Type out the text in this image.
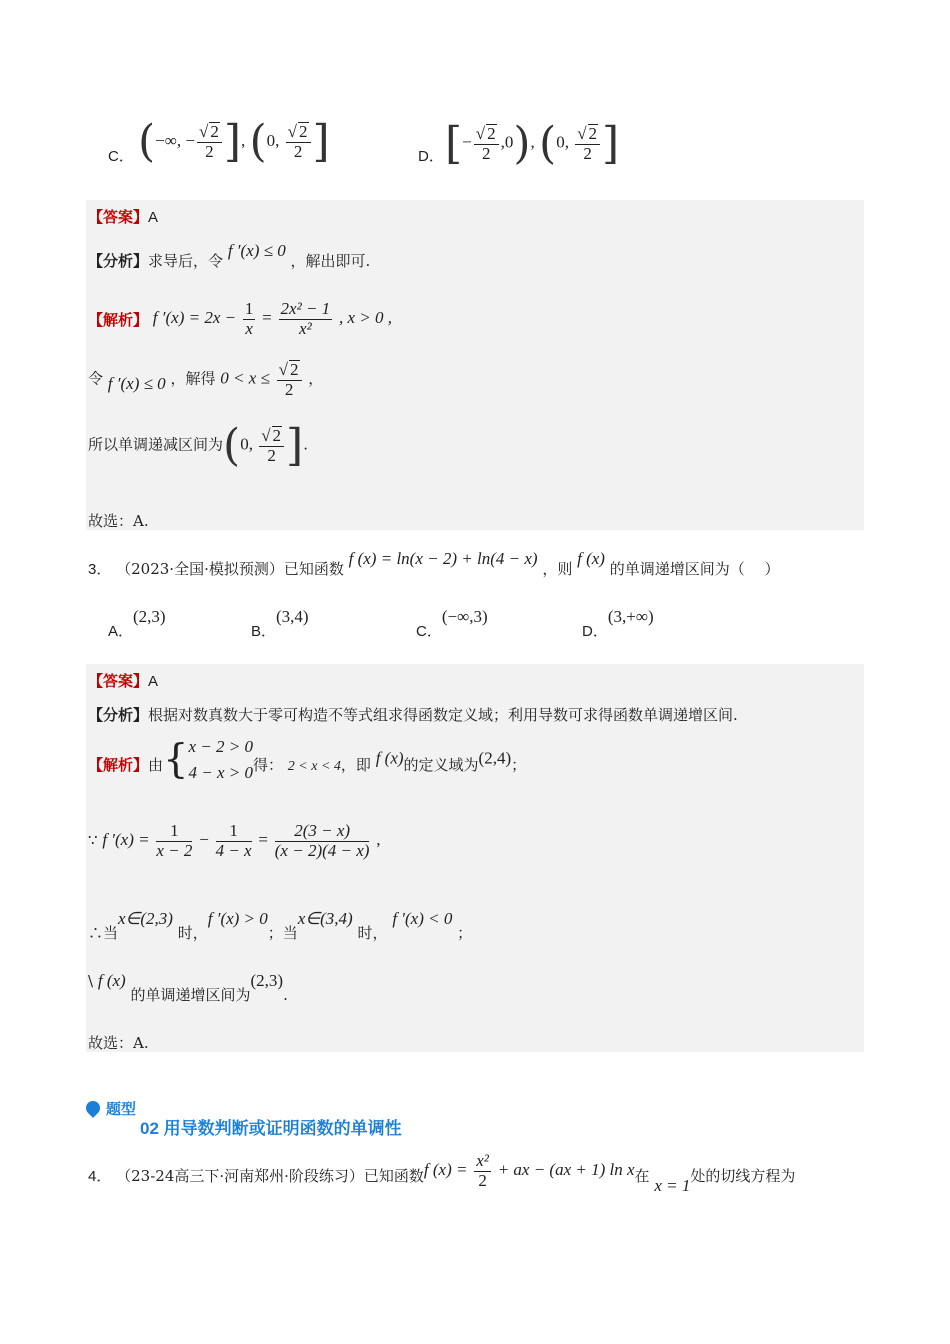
C． (−∞, − $\frac{√ 2}{2}$ ], (0, $\frac{√ 2}{2}$ ]	D． [− $\frac{√ 2}{2} ,0$), (0, $\frac{√ 2}{2}$ ]
【答案】A
【分析】求导后，令 f ′(x) ≤ 0 ，解出即可.
【解析】 f $'(x) = 2x - \frac{1}{x} = \frac{\text{2x² − 1}}{\text{x²}}$ , x > 0 ,
令 f ′(x) ≤ 0 ，解得 $0 < x \le \frac{√ 2}{2}$ ，
所以单调递减区间为(0, $\frac{√ 2}{2}$ ].
故选：A.
3． （2023·全国·模拟预测）已知函数 f (x) = ln(x − 2) + ln(4 − x) ，则 f (x) 的单调递增区间为（　 ）
A．(2,3)
B．(3,4)
C．(−∞,3)
D．(3,+∞)
【答案】A
【分析】根据对数真数大于零可构造不等式组求得函数定义域；利用导数可求得函数单调递增区间.
【解析】由{ x − 2 > 0
4 − x > 0 得： 2 < x < 4，即 f (x)的定义域为(2,4)；
∵ f $'(x) = \frac{1}{x - 2} - \frac{1}{4 - x} = \frac{2(3 - x)}{(x - 2)(4 - x)}$ ,
∴当x∈(2,3) 时，f ′(x) > 0；当x∈(3,4) 时， f ′(x) < 0 ；
\ f (x) 的单调递增区间为(2,3).
故选：A.
题型
02 用导数判断或证明函数的单调性
4． （23-24高三下·河南郑州·阶段练习）已知函数f $(x) = \frac{\text{x²}}{2}$ + ax − (ax + 1) ln x在 x = 1处的切线方程为
